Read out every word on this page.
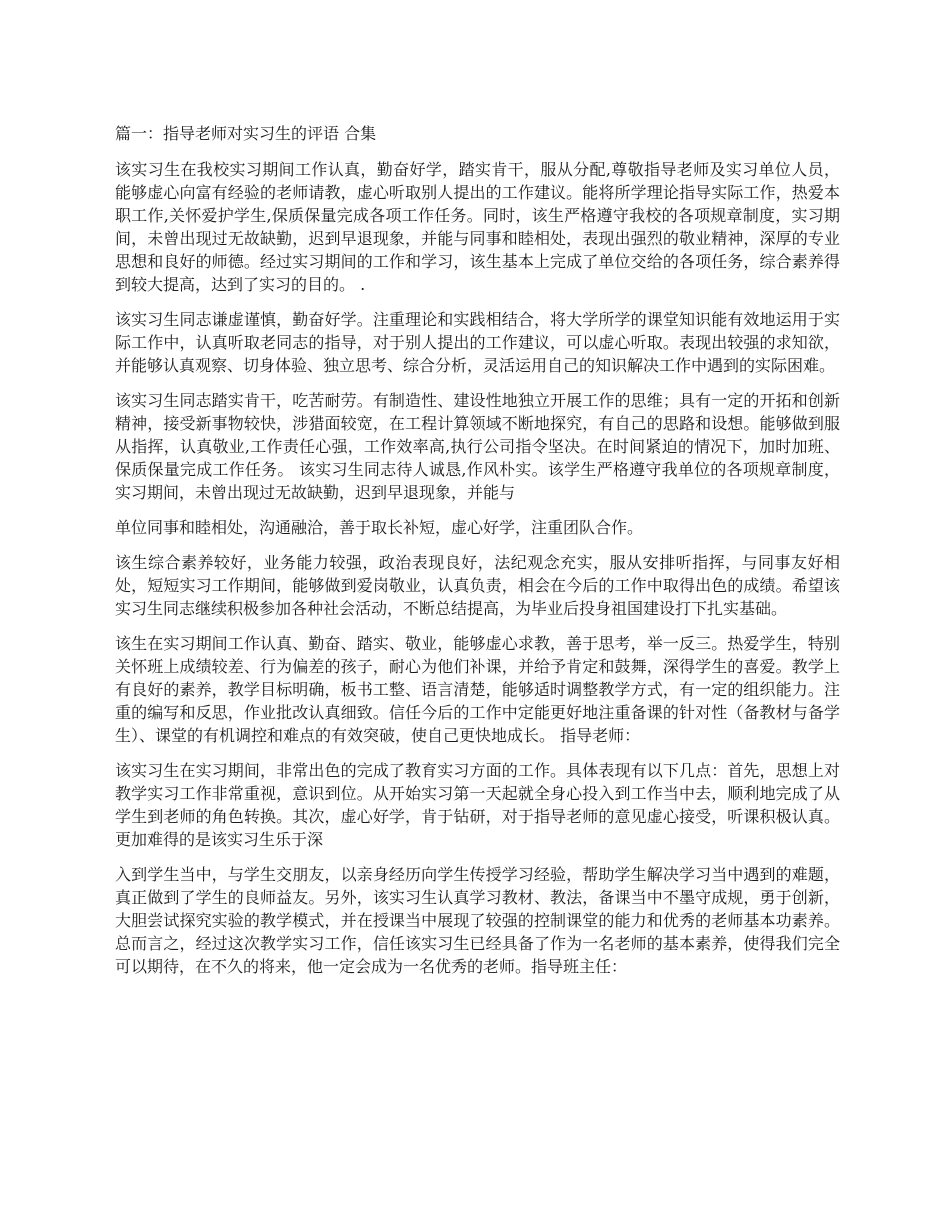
篇一：指导老师对实习生的评语 合集

该实习生在我校实习期间工作认真，勤奋好学，踏实肯干，服从分配,尊敬指导老师及实习单位人员，能够虚心向富有经验的老师请教，虚心听取别人提出的工作建议。能将所学理论指导实际工作，热爱本职工作,关怀爱护学生,保质保量完成各项工作任务。同时，该生严格遵守我校的各项规章制度，实习期间，未曾出现过无故缺勤，迟到早退现象，并能与同事和睦相处，表现出强烈的敬业精神，深厚的专业思想和良好的师德。经过实习期间的工作和学习，该生基本上完成了单位交给的各项任务，综合素养得到较大提高，达到了实习的目的。 .

该实习生同志谦虚谨慎，勤奋好学。注重理论和实践相结合，将大学所学的课堂知识能有效地运用于实际工作中，认真听取老同志的指导，对于别人提出的工作建议，可以虚心听取。表现出较强的求知欲，并能够认真观察、切身体验、独立思考、综合分析，灵活运用自己的知识解决工作中遇到的实际困难。

该实习生同志踏实肯干，吃苦耐劳。有制造性、建设性地独立开展工作的思维；具有一定的开拓和创新精神，接受新事物较快，涉猎面较宽，在工程计算领域不断地探究，有自己的思路和设想。能够做到服从指挥，认真敬业,工作责任心强，工作效率高,执行公司指令坚决。在时间紧迫的情况下，加时加班、保质保量完成工作任务。 该实习生同志待人诚恳,作风朴实。该学生严格遵守我单位的各项规章制度，实习期间，未曾出现过无故缺勤，迟到早退现象，并能与

单位同事和睦相处，沟通融洽，善于取长补短，虚心好学，注重团队合作。

该生综合素养较好，业务能力较强，政治表现良好，法纪观念充实，服从安排听指挥，与同事友好相处，短短实习工作期间，能够做到爱岗敬业，认真负责，相会在今后的工作中取得出色的成绩。希望该实习生同志继续积极参加各种社会活动，不断总结提高，为毕业后投身祖国建设打下扎实基础。

该生在实习期间工作认真、勤奋、踏实、敬业，能够虚心求教，善于思考，举一反三。热爱学生，特别关怀班上成绩较差、行为偏差的孩子，耐心为他们补课，并给予肯定和鼓舞，深得学生的喜爱。教学上有良好的素养，教学目标明确，板书工整、语言清楚，能够适时调整教学方式，有一定的组织能力。注重的编写和反思，作业批改认真细致。信任今后的工作中定能更好地注重备课的针对性（备教材与备学生）、课堂的有机调控和难点的有效突破，使自己更快地成长。 指导老师：

该实习生在实习期间，非常出色的完成了教育实习方面的工作。具体表现有以下几点：首先，思想上对教学实习工作非常重视，意识到位。从开始实习第一天起就全身心投入到工作当中去，顺利地完成了从学生到老师的角色转换。其次，虚心好学，肯于钻研，对于指导老师的意见虚心接受，听课积极认真。更加难得的是该实习生乐于深

入到学生当中，与学生交朋友，以亲身经历向学生传授学习经验，帮助学生解决学习当中遇到的难题，真正做到了学生的良师益友。另外，该实习生认真学习教材、教法，备课当中不墨守成规，勇于创新，大胆尝试探究实验的教学模式，并在授课当中展现了较强的控制课堂的能力和优秀的老师基本功素养。总而言之，经过这次教学实习工作，信任该实习生已经具备了作为一名老师的基本素养，使得我们完全可以期待，在不久的将来，他一定会成为一名优秀的老师。指导班主任：
